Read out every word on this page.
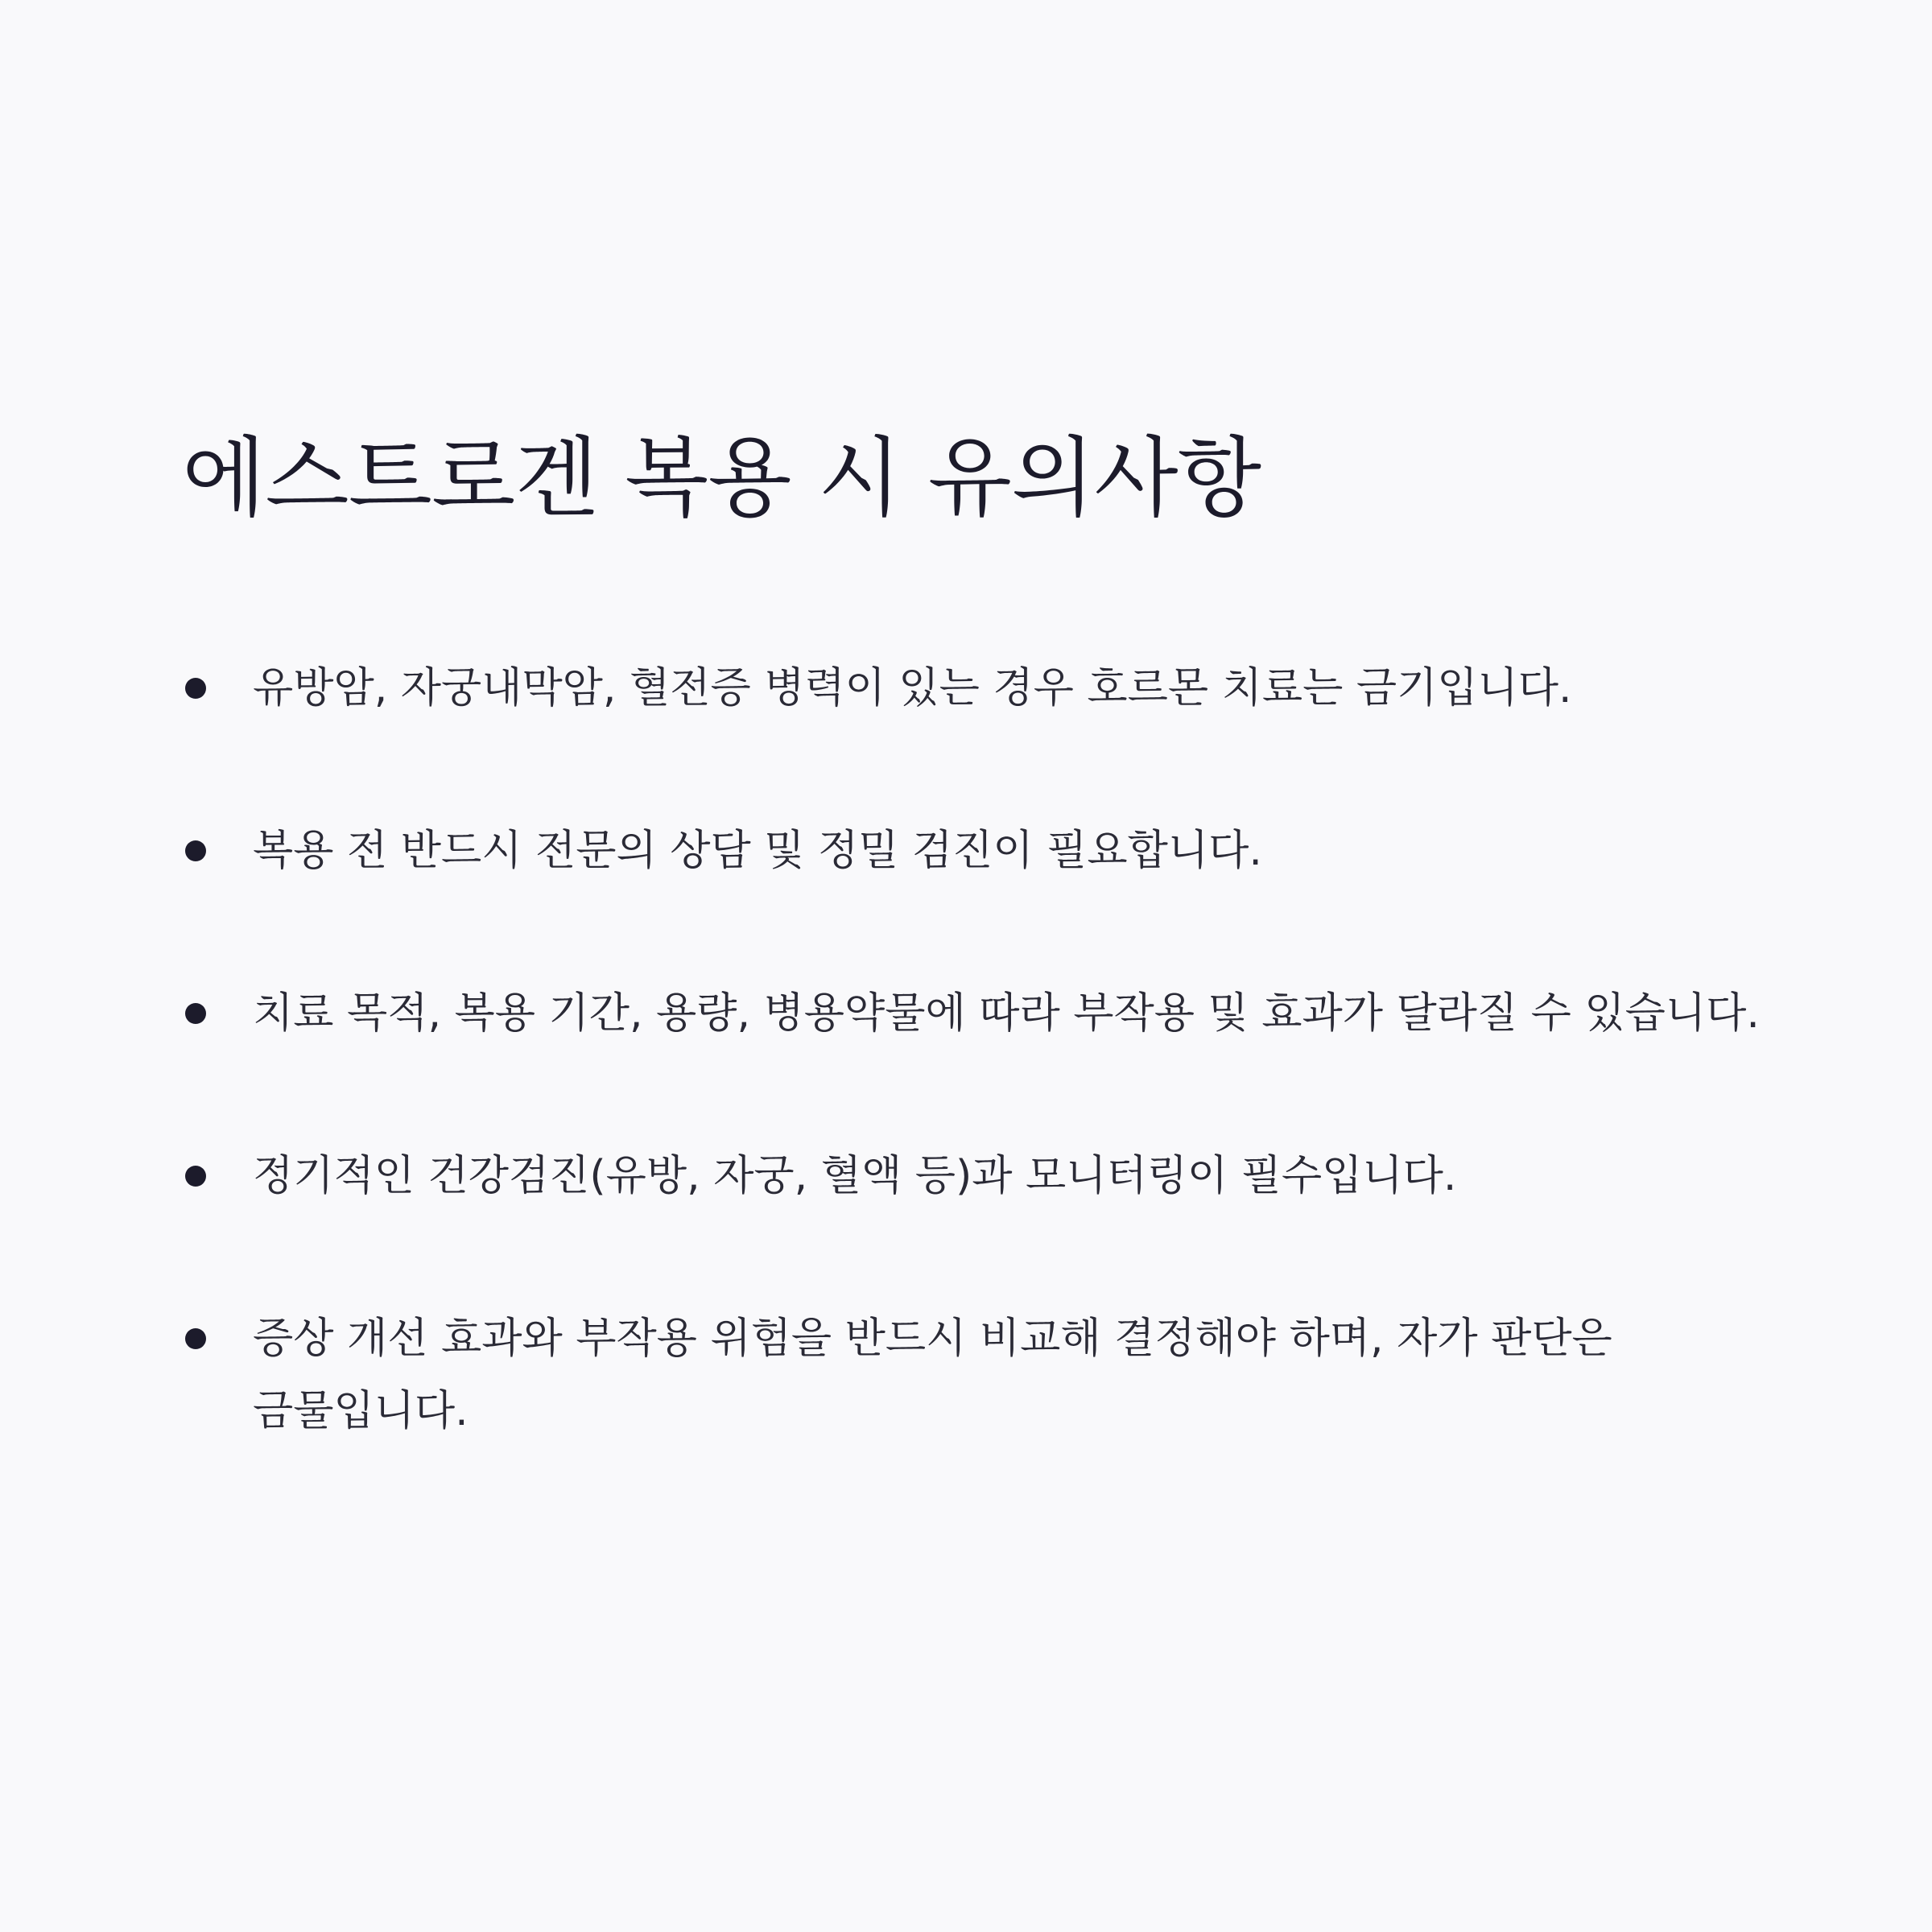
에스트로겐 복용 시 유의사항
유방암, 자궁내막암, 혈전증 병력이 있는 경우 호르몬 치료는 금기입니다.
복용 전 반드시 전문의 상담 및 정밀 검진이 필요합니다.
치료 목적, 복용 기간, 용량, 병용약물에 따라 부작용 및 효과가 달라질 수 있습니다.
정기적인 건강검진(유방, 자궁, 혈액 등)과 모니터링이 필수입니다.
증상 개선 효과와 부작용 위험을 반드시 비교해 결정해야 하며, 자가 판단은 금물입니다.
